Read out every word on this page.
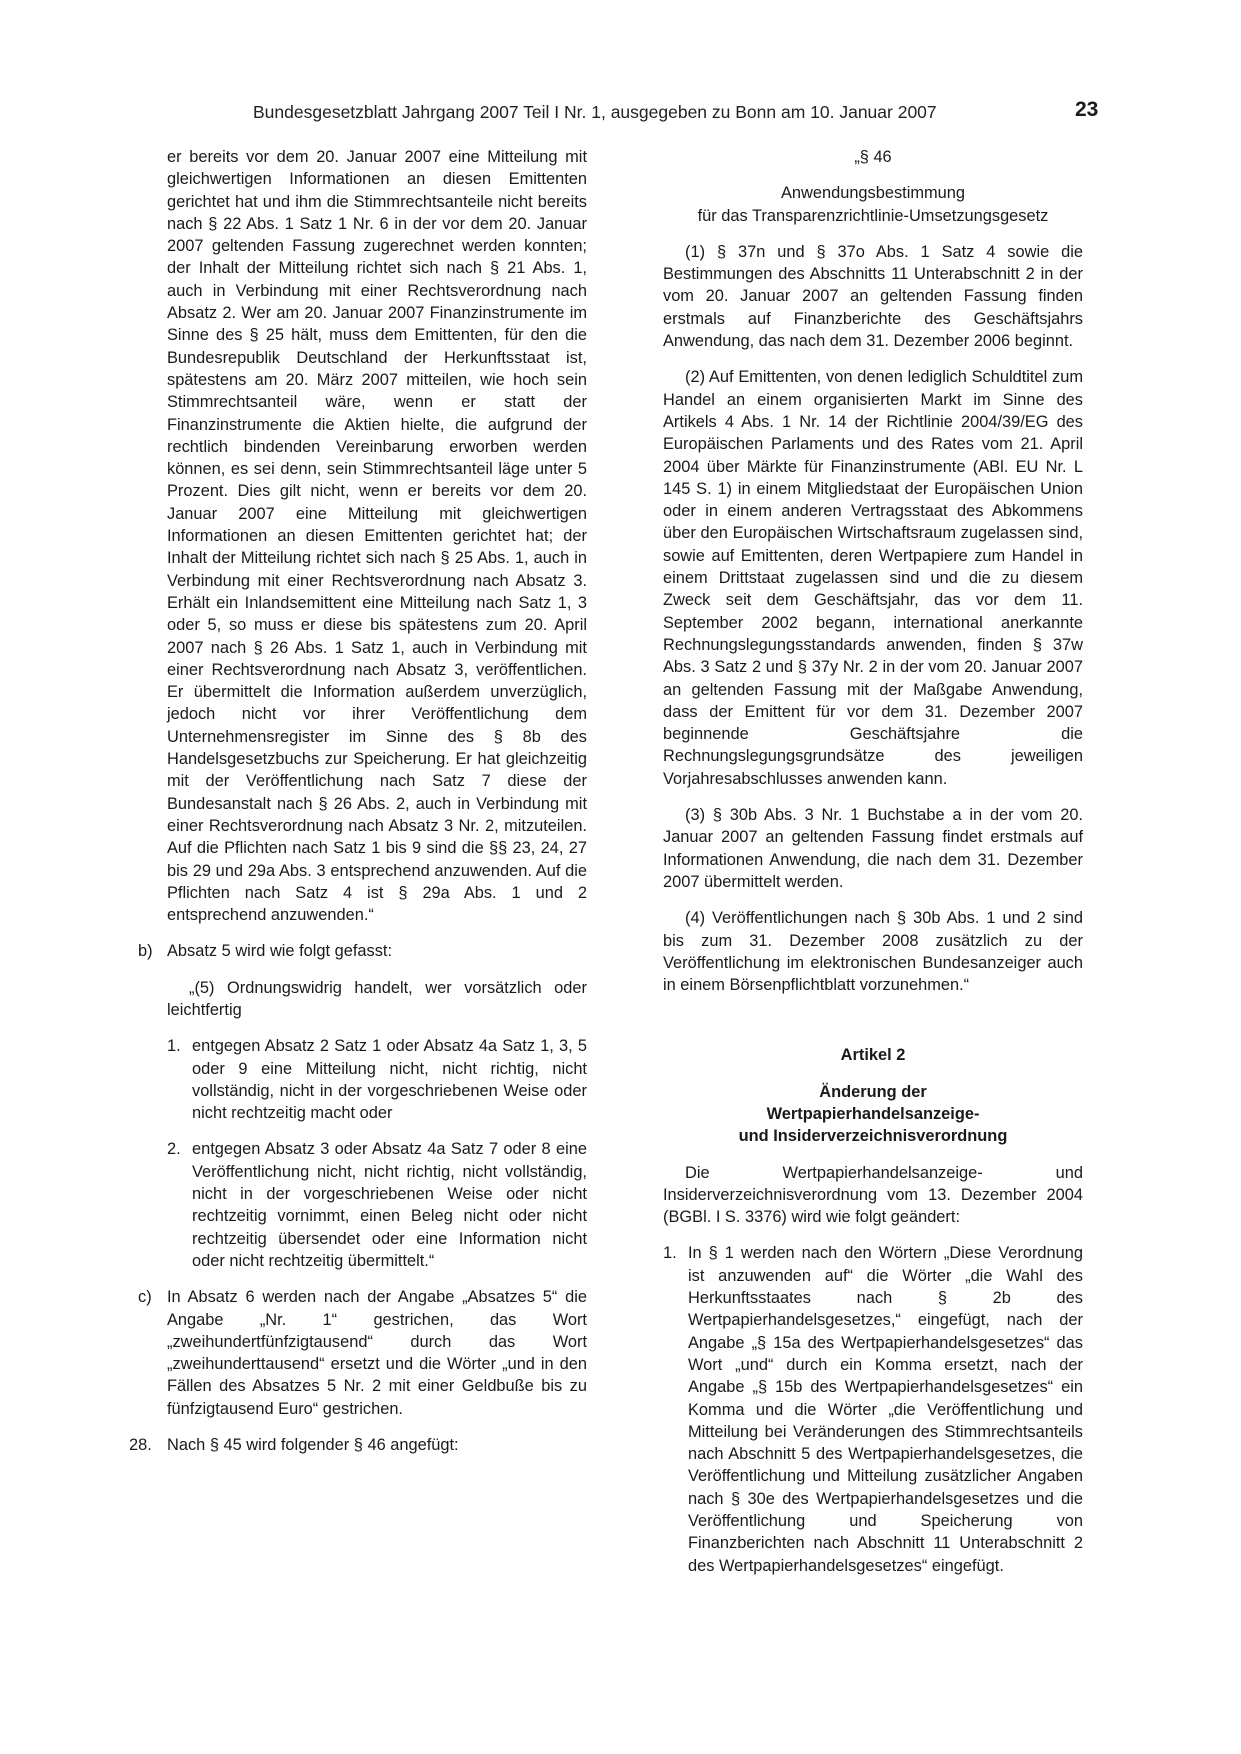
Bundesgesetzblatt Jahrgang 2007 Teil I Nr. 1, ausgegeben zu Bonn am 10. Januar 2007	23

er bereits vor dem 20. Januar 2007 eine Mitteilung mit gleichwertigen Informationen an diesen Emittenten gerichtet hat und ihm die Stimmrechtsanteile nicht bereits nach § 22 Abs. 1 Satz 1 Nr. 6 in der vor dem 20. Januar 2007 geltenden Fassung zugerechnet werden konnten; der Inhalt der Mitteilung richtet sich nach § 21 Abs. 1, auch in Verbindung mit einer Rechtsverordnung nach Absatz 2. Wer am 20. Januar 2007 Finanzinstrumente im Sinne des § 25 hält, muss dem Emittenten, für den die Bundesrepublik Deutschland der Herkunftsstaat ist, spätestens am 20. März 2007 mitteilen, wie hoch sein Stimmrechtsanteil wäre, wenn er statt der Finanzinstrumente die Aktien hielte, die aufgrund der rechtlich bindenden Vereinbarung erworben werden können, es sei denn, sein Stimmrechtsanteil läge unter 5 Prozent. Dies gilt nicht, wenn er bereits vor dem 20. Januar 2007 eine Mitteilung mit gleichwertigen Informationen an diesen Emittenten gerichtet hat; der Inhalt der Mitteilung richtet sich nach § 25 Abs. 1, auch in Verbindung mit einer Rechtsverordnung nach Absatz 3. Erhält ein Inlandsemittent eine Mitteilung nach Satz 1, 3 oder 5, so muss er diese bis spätestens zum 20. April 2007 nach § 26 Abs. 1 Satz 1, auch in Verbindung mit einer Rechtsverordnung nach Absatz 3, veröffentlichen. Er übermittelt die Information außerdem unverzüglich, jedoch nicht vor ihrer Veröffentlichung dem Unternehmensregister im Sinne des § 8b des Handelsgesetzbuchs zur Speicherung. Er hat gleichzeitig mit der Veröffentlichung nach Satz 7 diese der Bundesanstalt nach § 26 Abs. 2, auch in Verbindung mit einer Rechtsverordnung nach Absatz 3 Nr. 2, mitzuteilen. Auf die Pflichten nach Satz 1 bis 9 sind die §§ 23, 24, 27 bis 29 und 29a Abs. 3 entsprechend anzuwenden. Auf die Pflichten nach Satz 4 ist § 29a Abs. 1 und 2 entsprechend anzuwenden.“

b) Absatz 5 wird wie folgt gefasst:

„(5) Ordnungswidrig handelt, wer vorsätzlich oder leichtfertig

1. entgegen Absatz 2 Satz 1 oder Absatz 4a Satz 1, 3, 5 oder 9 eine Mitteilung nicht, nicht richtig, nicht vollständig, nicht in der vorgeschriebenen Weise oder nicht rechtzeitig macht oder
2. entgegen Absatz 3 oder Absatz 4a Satz 7 oder 8 eine Veröffentlichung nicht, nicht richtig, nicht vollständig, nicht in der vorgeschriebenen Weise oder nicht rechtzeitig vornimmt, einen Beleg nicht oder nicht rechtzeitig übersendet oder eine Information nicht oder nicht rechtzeitig übermittelt.“
c) In Absatz 6 werden nach der Angabe „Absatzes 5“ die Angabe „Nr. 1“ gestrichen, das Wort „zweihundertfünfzigtausend“ durch das Wort „zweihunderttausend“ ersetzt und die Wörter „und in den Fällen des Absatzes 5 Nr. 2 mit einer Geldbuße bis zu fünfzigtausend Euro“ gestrichen.
28. Nach § 45 wird folgender § 46 angefügt:

„§ 46

Anwendungsbestimmung

für das Transparenzrichtlinie-Umsetzungsgesetz

(1) § 37n und § 37o Abs. 1 Satz 4 sowie die Bestimmungen des Abschnitts 11 Unterabschnitt 2 in der vom 20. Januar 2007 an geltenden Fassung finden erstmals auf Finanzberichte des Geschäftsjahrs Anwendung, das nach dem 31. Dezember 2006 beginnt.

(2) Auf Emittenten, von denen lediglich Schuldtitel zum Handel an einem organisierten Markt im Sinne des Artikels 4 Abs. 1 Nr. 14 der Richtlinie 2004/39/EG des Europäischen Parlaments und des Rates vom 21. April 2004 über Märkte für Finanzinstrumente (ABl. EU Nr. L 145 S. 1) in einem Mitgliedstaat der Europäischen Union oder in einem anderen Vertragsstaat des Abkommens über den Europäischen Wirtschaftsraum zugelassen sind, sowie auf Emittenten, deren Wertpapiere zum Handel in einem Drittstaat zugelassen sind und die zu diesem Zweck seit dem Geschäftsjahr, das vor dem 11. September 2002 begann, international anerkannte Rechnungslegungsstandards anwenden, finden § 37w Abs. 3 Satz 2 und § 37y Nr. 2 in der vom 20. Januar 2007 an geltenden Fassung mit der Maßgabe Anwendung, dass der Emittent für vor dem 31. Dezember 2007 beginnende Geschäftsjahre die Rechnungslegungsgrundsätze des jeweiligen Vorjahresabschlusses anwenden kann.

(3) § 30b Abs. 3 Nr. 1 Buchstabe a in der vom 20. Januar 2007 an geltenden Fassung findet erstmals auf Informationen Anwendung, die nach dem 31. Dezember 2007 übermittelt werden.

(4) Veröffentlichungen nach § 30b Abs. 1 und 2 sind bis zum 31. Dezember 2008 zusätzlich zu der Veröffentlichung im elektronischen Bundesanzeiger auch in einem Börsenpflichtblatt vorzunehmen.“

Artikel 2

Änderung der

Wertpapierhandelsanzeige-

und Insiderverzeichnisverordnung

Die Wertpapierhandelsanzeige- und Insiderverzeichnisverordnung vom 13. Dezember 2004 (BGBl. I S. 3376) wird wie folgt geändert:

1. In § 1 werden nach den Wörtern „Diese Verordnung ist anzuwenden auf“ die Wörter „die Wahl des Herkunftsstaates nach § 2b des Wertpapierhandelsgesetzes,“ eingefügt, nach der Angabe „§ 15a des Wertpapierhandelsgesetzes“ das Wort „und“ durch ein Komma ersetzt, nach der Angabe „§ 15b des Wertpapierhandelsgesetzes“ ein Komma und die Wörter „die Veröffentlichung und Mitteilung bei Veränderungen des Stimmrechtsanteils nach Abschnitt 5 des Wertpapierhandelsgesetzes, die Veröffentlichung und Mitteilung zusätzlicher Angaben nach § 30e des Wertpapierhandelsgesetzes und die Veröffentlichung und Speicherung von Finanzberichten nach Abschnitt 11 Unterabschnitt 2 des Wertpapierhandelsgesetzes“ eingefügt.
